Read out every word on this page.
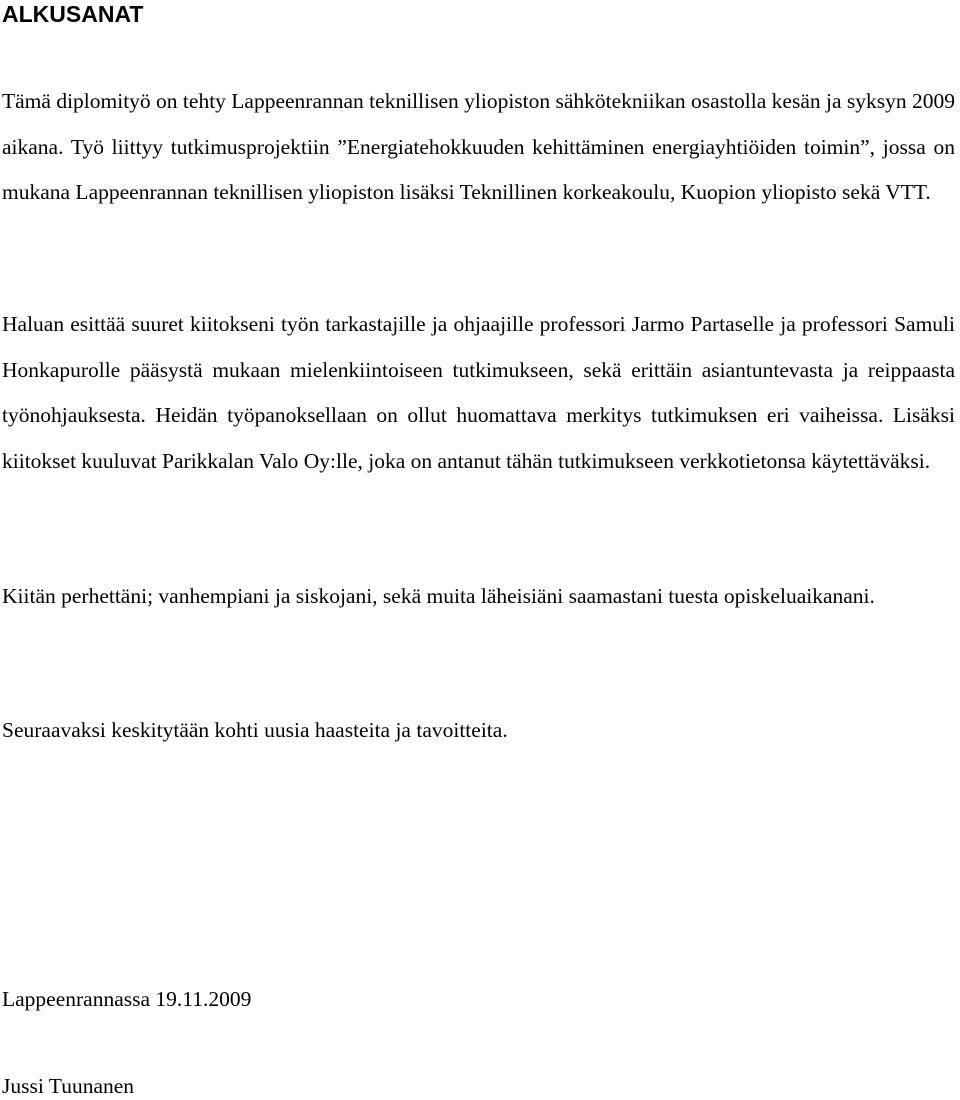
ALKUSANAT

Tämä diplomityö on tehty Lappeenrannan teknillisen yliopiston sähkötekniikan osastolla kesän ja syksyn 2009 aikana. Työ liittyy tutkimusprojektiin ”Energiatehokkuuden kehittäminen energiayhtiöiden toimin”, jossa on mukana Lappeenrannan teknillisen yliopiston lisäksi Teknillinen korkeakoulu, Kuopion yliopisto sekä VTT.

Haluan esittää suuret kiitokseni työn tarkastajille ja ohjaajille professori Jarmo Partaselle ja professori Samuli Honkapurolle pääsystä mukaan mielenkiintoiseen tutkimukseen, sekä erittäin asiantuntevasta ja reippaasta työnohjauksesta. Heidän työpanoksellaan on ollut huomattava merkitys tutkimuksen eri vaiheissa. Lisäksi kiitokset kuuluvat Parikkalan Valo Oy:lle, joka on antanut tähän tutkimukseen verkkotietonsa käytettäväksi.

Kiitän perhettäni; vanhempiani ja siskojani, sekä muita läheisiäni saamastani tuesta opiskeluaikanani.

Seuraavaksi keskitytään kohti uusia haasteita ja tavoitteita.

Lappeenrannassa 19.11.2009

Jussi Tuunanen
